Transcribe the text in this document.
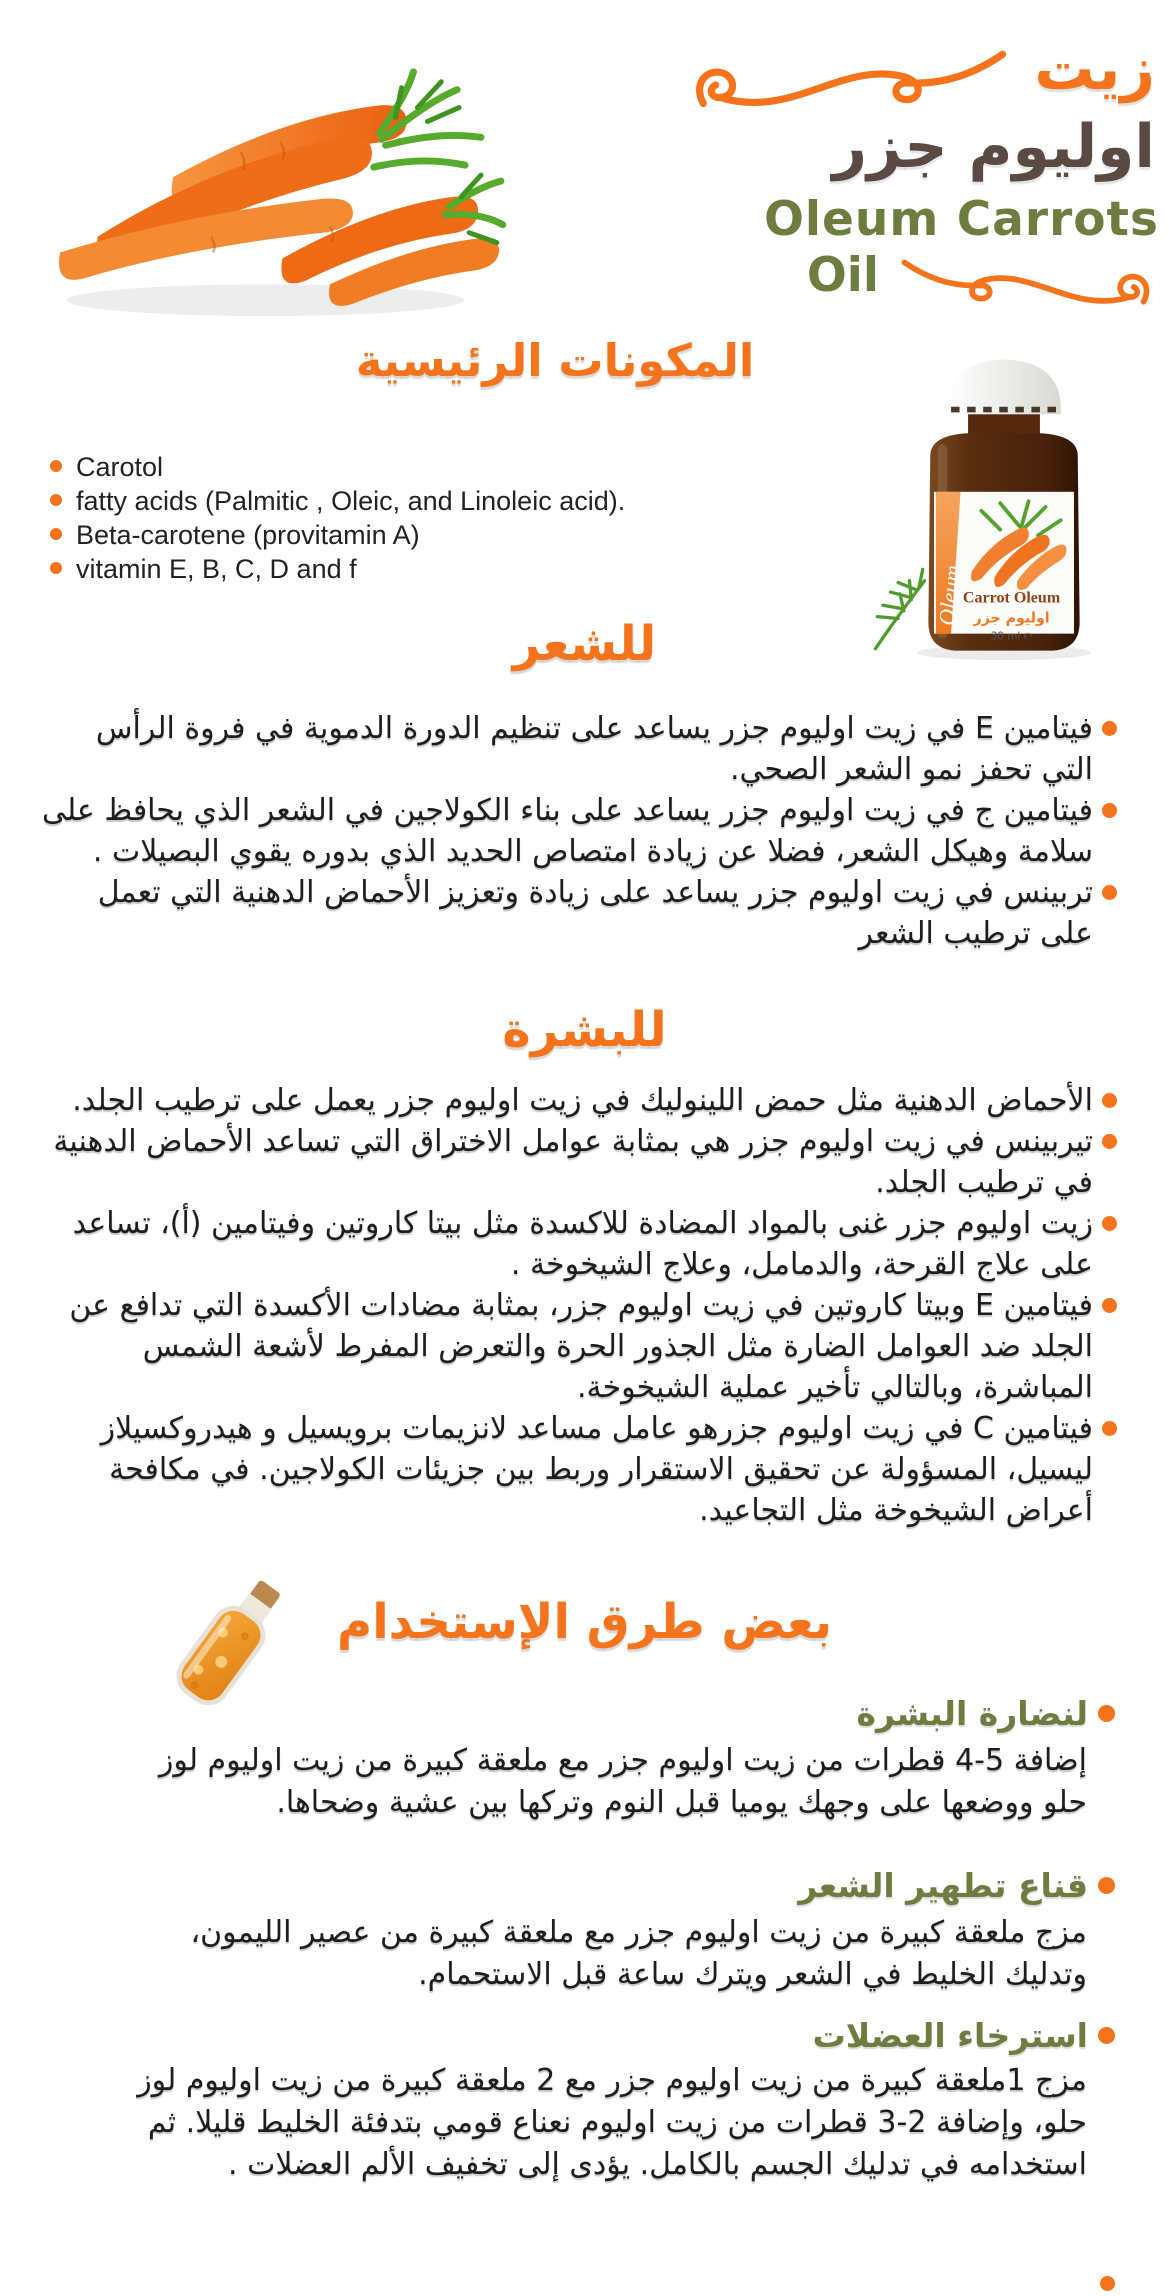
زيت
اوليوم جزر
Oleum Carrots
Oil
المكونات الرئيسية
Carotol
fatty acids (Palmitic , Oleic, and Linoleic acid).
Beta-carotene (provitamin A)
vitamin E, B, C, D and f	Oleum
Carrot Oleum
اوليوم جزر
30 ml ℮
للشعر
فيتامين E في زيت اوليوم جزر يساعد على تنظيم الدورة الدموية في فروة الرأس التي تحفز نمو الشعر الصحي.
فيتامين ج في زيت اوليوم جزر يساعد على بناء الكولاجين في الشعر الذي يحافظ على سلامة وهيكل الشعر، فضلا عن زيادة امتصاص الحديد الذي بدوره يقوي البصيلات .
تربينس في زيت اوليوم جزر يساعد على زيادة وتعزيز الأحماض الدهنية التي تعمل على ترطيب الشعر
للبشرة
الأحماض الدهنية مثل حمض اللينوليك في زيت اوليوم جزر يعمل على ترطيب الجلد.
تيربينس في زيت اوليوم جزر هي بمثابة عوامل الاختراق التي تساعد الأحماض الدهنية في ترطيب الجلد.
زيت اوليوم جزر غنى بالمواد المضادة للاكسدة مثل بيتا كاروتين وفيتامين (أ)، تساعد على علاج القرحة، والدمامل، وعلاج الشيخوخة .
فيتامين E وبيتا كاروتين في زيت اوليوم جزر، بمثابة مضادات الأكسدة التي تدافع عن الجلد ضد العوامل الضارة مثل الجذور الحرة والتعرض المفرط لأشعة الشمس المباشرة، وبالتالي تأخير عملية الشيخوخة.
فيتامين C في زيت اوليوم جزرهو عامل مساعد لانزيمات برويسيل و هيدروكسيلاز ليسيل، المسؤولة عن تحقيق الاستقرار وربط بين جزيئات الكولاجين. في مكافحة أعراض الشيخوخة مثل التجاعيد.
بعض طرق الإستخدام
لنضارة البشرة
إضافة 5-4 قطرات من زيت اوليوم جزر مع ملعقة كبيرة من زيت اوليوم لوز حلو ووضعها على وجهك يوميا قبل النوم وتركها بين عشية وضحاها.
قناع تطهير الشعر
مزج ملعقة كبيرة من زيت اوليوم جزر مع ملعقة كبيرة من عصير الليمون، وتدليك الخليط في الشعر ويترك ساعة قبل الاستحمام.
استرخاء العضلات
مزج 1ملعقة كبيرة من زيت اوليوم جزر مع 2 ملعقة كبيرة من زيت اوليوم لوز حلو، وإضافة 2-3 قطرات من زيت اوليوم نعناع قومي بتدفئة الخليط قليلا. ثم استخدامه في تدليك الجسم بالكامل. يؤدى إلى تخفيف الألم العضلات .
